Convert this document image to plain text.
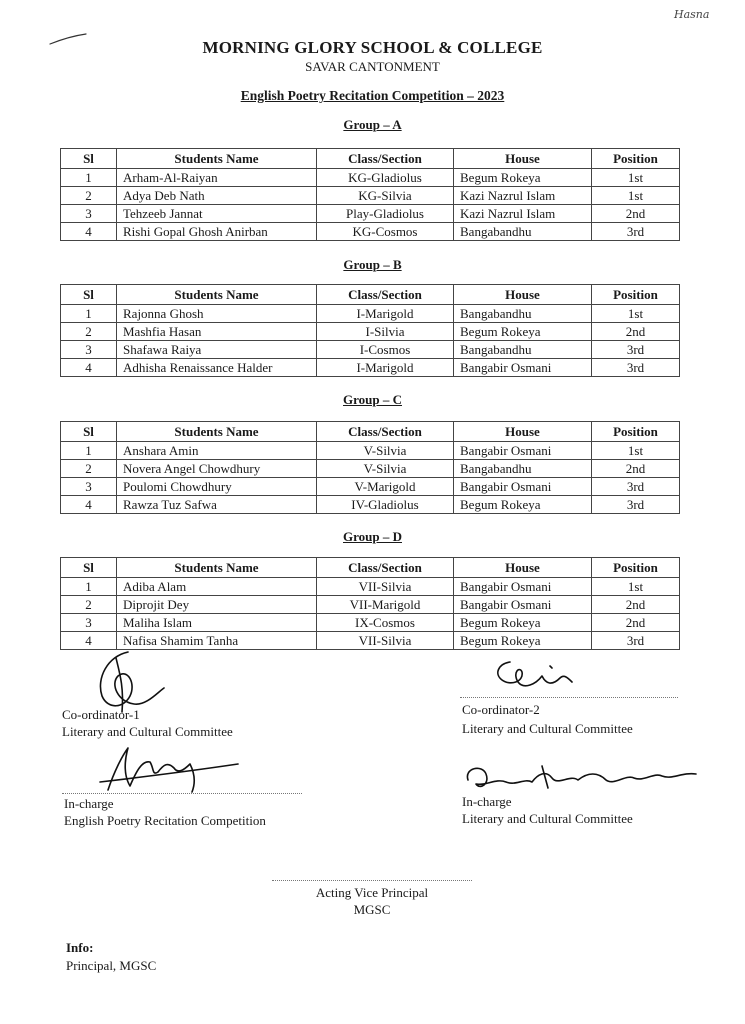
Hasna
MORNING GLORY SCHOOL & COLLEGE
SAVAR CANTONMENT
English Poetry Recitation Competition – 2023
Group – A
Sl	Students Name	Class/Section	House	Position
1	Arham-Al-Raiyan	KG-Gladiolus	Begum Rokeya	1st
2	Adya Deb Nath	KG-Silvia	Kazi Nazrul Islam	1st
3	Tehzeeb Jannat	Play-Gladiolus	Kazi Nazrul Islam	2nd
4	Rishi Gopal Ghosh Anirban	KG-Cosmos	Bangabandhu	3rd
Group – B
Sl	Students Name	Class/Section	House	Position
1	Rajonna Ghosh	I-Marigold	Bangabandhu	1st
2	Mashfia Hasan	I-Silvia	Begum Rokeya	2nd
3	Shafawa Raiya	I-Cosmos	Bangabandhu	3rd
4	Adhisha Renaissance Halder	I-Marigold	Bangabir Osmani	3rd
Group – C
Sl	Students Name	Class/Section	House	Position
1	Anshara Amin	V-Silvia	Bangabir Osmani	1st
2	Novera Angel Chowdhury	V-Silvia	Bangabandhu	2nd
3	Poulomi Chowdhury	V-Marigold	Bangabir Osmani	3rd
4	Rawza Tuz Safwa	IV-Gladiolus	Begum Rokeya	3rd
Group – D
Sl	Students Name	Class/Section	House	Position
1	Adiba Alam	VII-Silvia	Bangabir Osmani	1st
2	Diprojit Dey	VII-Marigold	Bangabir Osmani	2nd
3	Maliha Islam	IX-Cosmos	Begum Rokeya	2nd
4	Nafisa Shamim Tanha	VII-Silvia	Begum Rokeya	3rd
Co-ordinator-1
Literary and Cultural Committee
Co-ordinator-2
Literary and Cultural Committee
In-charge
English Poetry Recitation Competition
In-charge
Literary and Cultural Committee
Acting Vice Principal
MGSC
Info:
Principal, MGSC
